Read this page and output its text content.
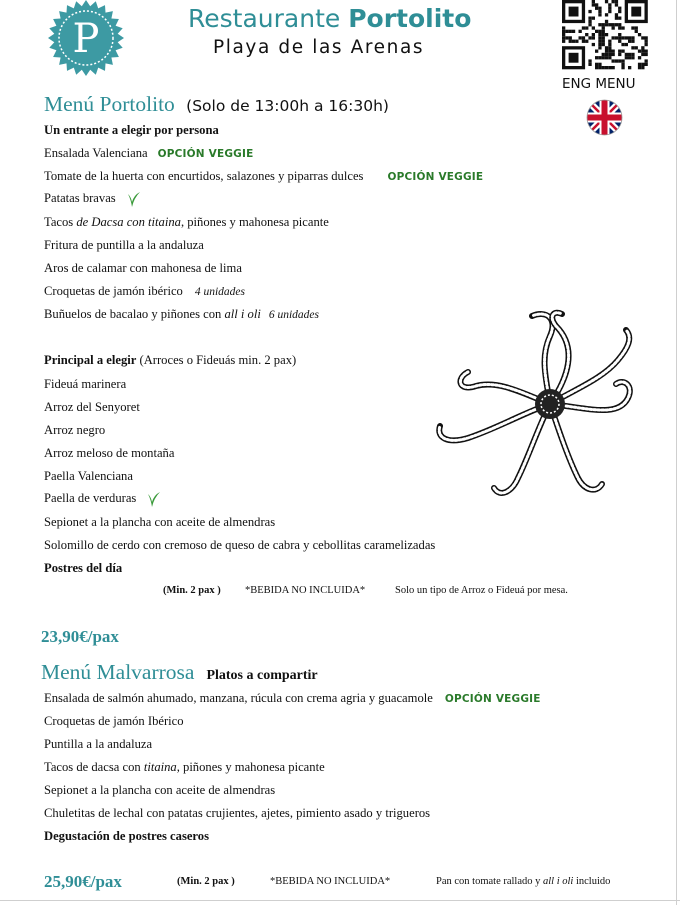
P	Restaurante Portolito
Playa de las Arenas
ENG MENU
Menú Portolito (Solo de 13:00h a 16:30h)
Un entrante a elegir por persona
Ensalada Valenciana OPCIÓN VEGGIE
Tomate de la huerta con encurtidos, salazones y piparras dulces OPCIÓN VEGGIE
Patatas bravas
Tacos de Dacsa con titaina, piñones y mahonesa picante
Fritura de puntilla a la andaluza
Aros de calamar con mahonesa de lima
Croquetas de jamón ibérico 4 unidades
Buñuelos de bacalao y piñones con all i oli 6 unidades
Principal a elegir (Arroces o Fideuás min. 2 pax)
Fideuá marinera
Arroz del Senyoret
Arroz negro
Arroz meloso de montaña
Paella Valenciana
Paella de verduras
Sepionet a la plancha con aceite de almendras
Solomillo de cerdo con cremoso de queso de cabra y cebollitas caramelizadas
Postres del día
(Min. 2 pax ) *BEBIDA NO INCLUIDA*	Solo un tipo de Arroz o Fideuá por mesa.
23,90€/pax
Menú Malvarrosa Platos a compartir
Ensalada de salmón ahumado, manzana, rúcula con crema agria y guacamole OPCIÓN VEGGIE
Croquetas de jamón Ibérico
Puntilla a la andaluza
Tacos de dacsa con titaina, piñones y mahonesa picante
Sepionet a la plancha con aceite de almendras
Chuletitas de lechal con patatas crujientes, ajetes, pimiento asado y trigueros
Degustación de postres caseros
25,90€/pax	(Min. 2 pax )	*BEBIDA NO INCLUIDA*	Pan con tomate rallado y all i oli incluido
